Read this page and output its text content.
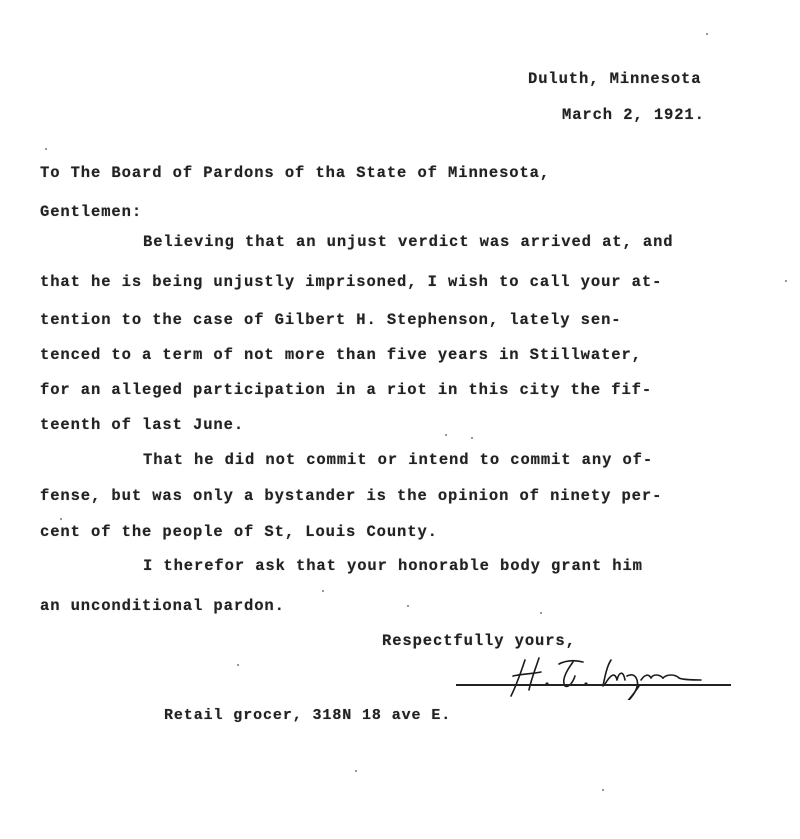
Duluth, Minnesota
March 2, 1921.
To The Board of Pardons of tha State of Minnesota,
Gentlemen:
Believing that an unjust verdict was arrived at, and
that he is being unjustly imprisoned, I wish to call your at-
tention to the case of Gilbert H. Stephenson, lately sen-
tenced to a term of not more than five years in Stillwater,
for an alleged participation in a riot in this city the fif-
teenth of last June.
That he did not commit or intend to commit any of-
fense, but was only a bystander is the opinion of ninety per-
cent of the people of St, Louis County.
I therefor ask that your honorable body grant him
an unconditional pardon.
Respectfully yours,
Retail grocer, 318N 18 ave E.
